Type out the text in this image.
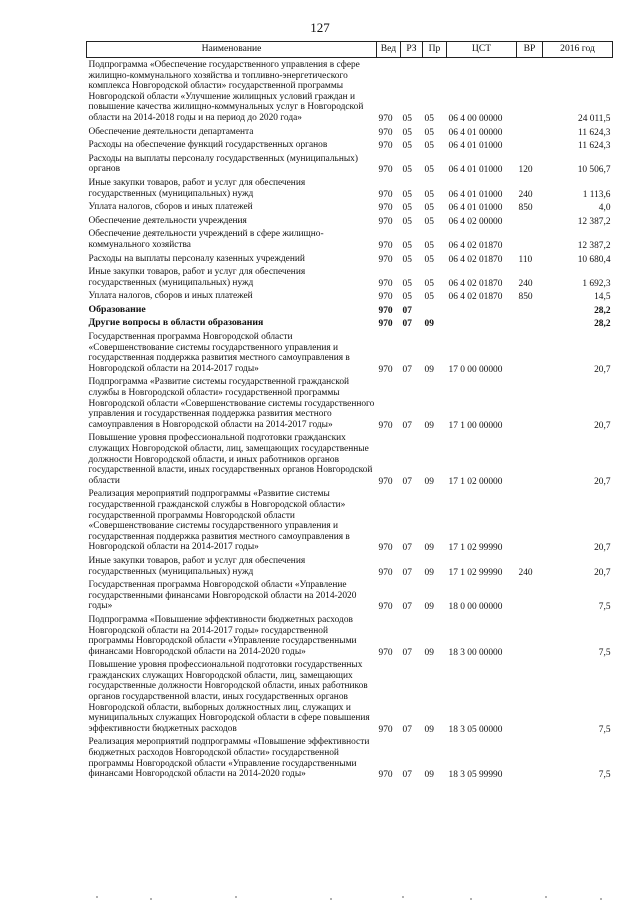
127
Наименование	Вед	РЗ	Пр	ЦСТ	ВР	2016 год
Подпрограмма «Обеспечение государственного управления в сфере жилищно-коммунального хозяйства и топливно-энергетического комплекса Новгородской области» государственной программы Новгородской области «Улучшение жилищных условий граждан и повышение качества жилищно-коммунальных услуг в Новгородской области на 2014-2018 годы и на период до 2020 года»	970	05	05	06 4 00 00000		24 011,5
Обеспечение деятельности департамента	970	05	05	06 4 01 00000		11 624,3
Расходы на обеспечение функций государственных органов	970	05	05	06 4 01 01000		11 624,3
Расходы на выплаты персоналу государственных (муниципальных) органов	970	05	05	06 4 01 01000	120	10 506,7
Иные закупки товаров, работ и услуг для обеспечения государственных (муниципальных) нужд	970	05	05	06 4 01 01000	240	1 113,6
Уплата налогов, сборов и иных платежей	970	05	05	06 4 01 01000	850	4,0
Обеспечение деятельности учреждения	970	05	05	06 4 02 00000		12 387,2
Обеспечение деятельности учреждений в сфере жилищно-коммунального хозяйства	970	05	05	06 4 02 01870		12 387,2
Расходы на выплаты персоналу казенных учреждений	970	05	05	06 4 02 01870	110	10 680,4
Иные закупки товаров, работ и услуг для обеспечения государственных (муниципальных) нужд	970	05	05	06 4 02 01870	240	1 692,3
Уплата налогов, сборов и иных платежей	970	05	05	06 4 02 01870	850	14,5
Образование	970	07				28,2
Другие вопросы в области образования	970	07	09			28,2
Государственная программа Новгородской области «Совершенствование системы государственного управления и государственная поддержка развития местного самоуправления в Новгородской области на 2014-2017 годы»	970	07	09	17 0 00 00000		20,7
Подпрограмма «Развитие системы государственной гражданской службы в Новгородской области» государственной программы Новгородской области «Совершенствование системы государственного управления и государственная поддержка развития местного самоуправления в Новгородской области на 2014-2017 годы»	970	07	09	17 1 00 00000		20,7
Повышение уровня профессиональной подготовки гражданских служащих Новгородской области, лиц, замещающих государственные должности Новгородской области, и иных работников органов государственной власти, иных государственных органов Новгородской области	970	07	09	17 1 02 00000		20,7
Реализация мероприятий подпрограммы «Развитие системы государственной гражданской службы в Новгородской области» государственной программы Новгородской области «Совершенствование системы государственного управления и государственная поддержка развития местного самоуправления в Новгородской области на 2014-2017 годы»	970	07	09	17 1 02 99990		20,7
Иные закупки товаров, работ и услуг для обеспечения государственных (муниципальных) нужд	970	07	09	17 1 02 99990	240	20,7
Государственная программа Новгородской области «Управление государственными финансами Новгородской области на 2014-2020 годы»	970	07	09	18 0 00 00000		7,5
Подпрограмма «Повышение эффективности бюджетных расходов Новгородской области на 2014-2017 годы» государственной программы Новгородской области «Управление государственными финансами Новгородской области на 2014-2020 годы»	970	07	09	18 3 00 00000		7,5
Повышение уровня профессиональной подготовки государственных гражданских служащих Новгородской области, лиц, замещающих государственные должности Новгородской области, иных работников органов государственной власти, иных государственных органов Новгородской области, выборных должностных лиц, служащих и муниципальных служащих Новгородской области в сфере повышения эффективности бюджетных расходов	970	07	09	18 3 05 00000		7,5
Реализация мероприятий подпрограммы «Повышение эффективности бюджетных расходов Новгородской области» государственной программы Новгородской области «Управление государственными финансами Новгородской области на 2014-2020 годы»	970	07	09	18 3 05 99990		7,5
